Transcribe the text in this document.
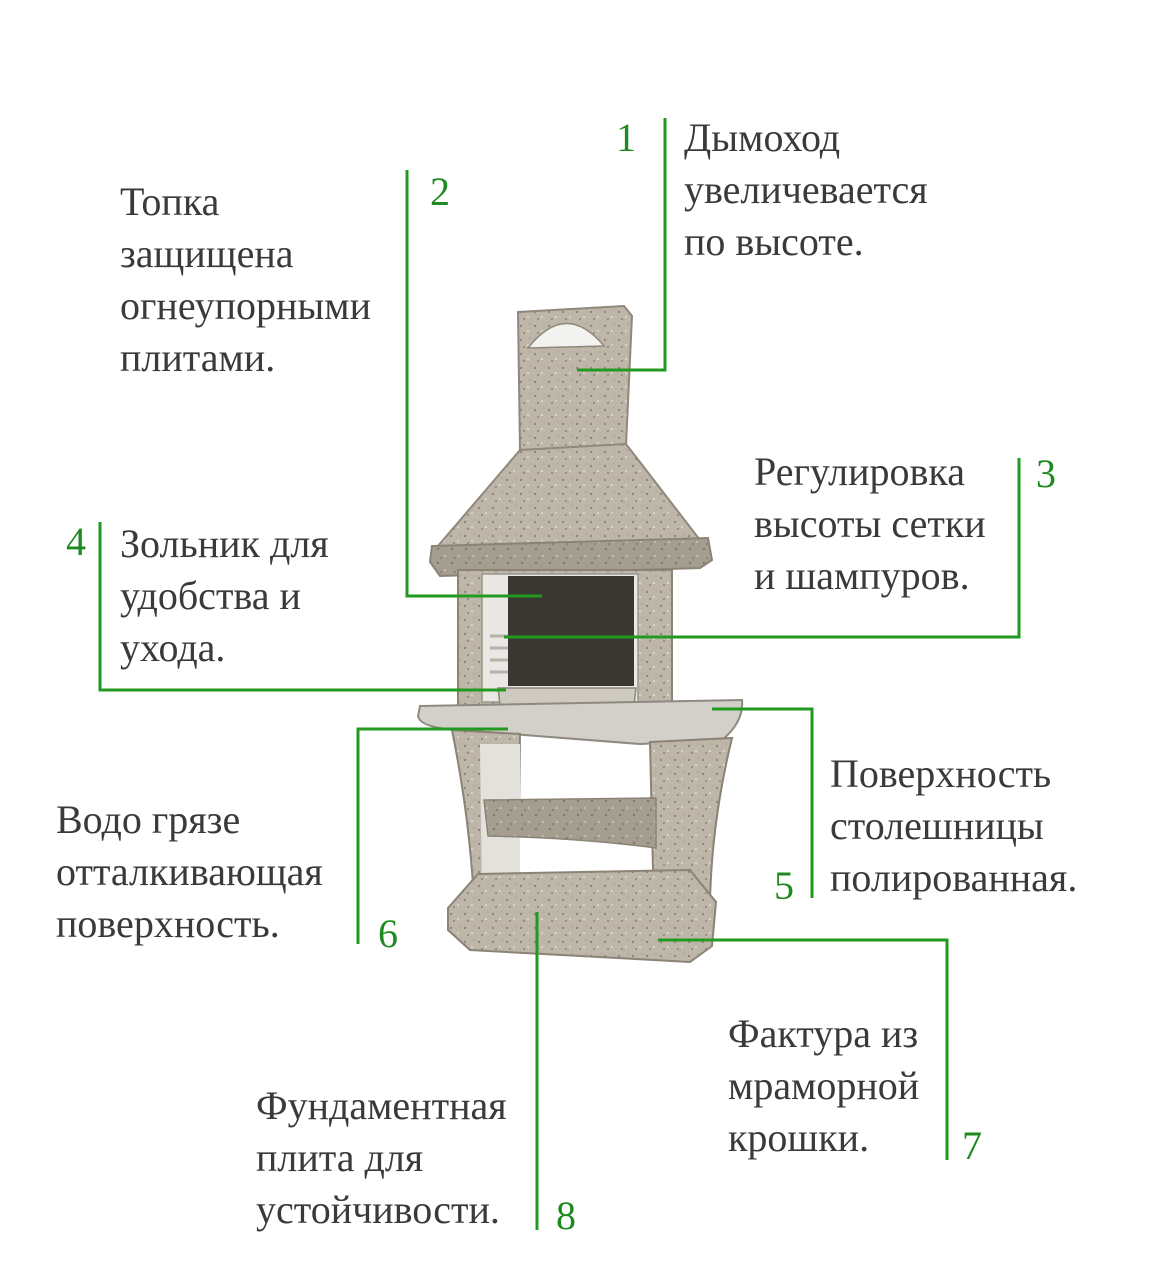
1 Дымоход
увеличевается
по высоте.
2
Топка
защищена
огнеупорными
плитами.
3
Регулировка
высоты сетки
и шампуров.
4 Зольник для
удобства и
ухода.
5
Поверхность
столешницы
полированная.
6
Водо грязе
отталкивающая
поверхность.
7
Фактура из
мраморной
крошки.
8
Фундаментная
плита для
устойчивости.
